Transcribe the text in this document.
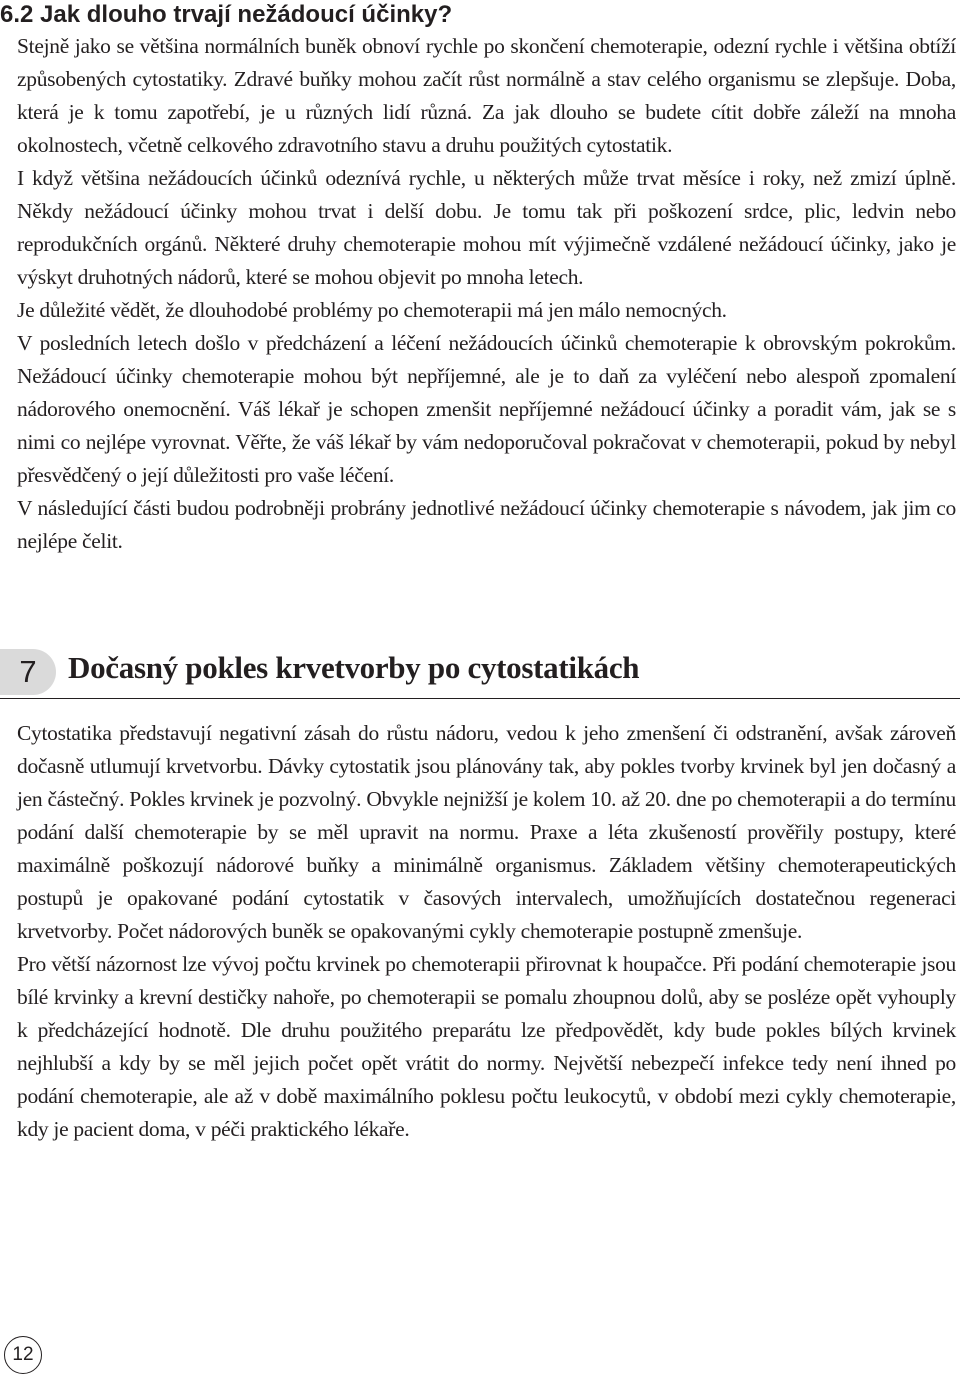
6.2 Jak dlouho trvají nežádoucí účinky?

Stejně jako se většina normálních buněk obnoví rychle po skončení chemoterapie, odezní rychle i většina obtíží způsobených cytostatiky. Zdravé buňky mohou začít růst normálně a stav celého organismu se zlepšuje. Doba, která je k tomu zapotřebí, je u různých lidí různá. Za jak dlouho se budete cítit dobře záleží na mnoha okolnostech, včetně celkového zdravotního stavu a druhu použitých cytostatik.

I když většina nežádoucích účinků odeznívá rychle, u některých může trvat měsíce i roky, než zmizí úplně. Někdy nežádoucí účinky mohou trvat i delší dobu. Je tomu tak při poškození srdce, plic, ledvin nebo reprodukčních orgánů. Některé druhy chemoterapie mohou mít výjimečně vzdálené nežádoucí účinky, jako je výskyt druhotných nádorů, které se mohou objevit po mnoha letech.

Je důležité vědět, že dlouhodobé problémy po chemoterapii má jen málo nemocných.

V posledních letech došlo v předcházení a léčení nežádoucích účinků chemoterapie k obrovským pokrokům. Nežádoucí účinky chemoterapie mohou být nepříjemné, ale je to daň za vyléčení nebo alespoň zpomalení nádorového onemocnění. Váš lékař je schopen zmenšit nepříjemné nežádoucí účinky a poradit vám, jak se s nimi co nejlépe vyrovnat. Věřte, že váš lékař by vám nedoporučoval pokračovat v chemoterapii, pokud by nebyl přesvědčený o její důležitosti pro vaše léčení.

V následující části budou podrobněji probrány jednotlivé nežádoucí účinky chemoterapie s návodem, jak jim co nejlépe čelit.

7	Dočasný pokles krvetvorby po cytostatikách

Cytostatika představují negativní zásah do růstu nádoru, vedou k jeho zmenšení či odstranění, avšak zároveň dočasně utlumují krvetvorbu. Dávky cytostatik jsou plánovány tak, aby pokles tvorby krvinek byl jen dočasný a jen částečný. Pokles krvinek je pozvolný. Obvykle nejnižší je kolem 10. až 20. dne po chemoterapii a do termínu podání další chemoterapie by se měl upravit na normu. Praxe a léta zkušeností prověřily postupy, které maximálně poškozují nádorové buňky a minimálně organismus. Základem většiny chemoterapeutických postupů je opakované podání cytostatik v časových intervalech, umožňujících dostatečnou regeneraci krvetvorby. Počet nádorových buněk se opakovanými cykly chemoterapie postupně zmenšuje.

Pro větší názornost lze vývoj počtu krvinek po chemoterapii přirovnat k houpačce. Při podání chemoterapie jsou bílé krvinky a krevní destičky nahoře, po chemoterapii se pomalu zhoupnou dolů, aby se posléze opět vyhouply k předcházející hodnotě. Dle druhu použitého preparátu lze předpovědět, kdy bude pokles bílých krvinek nejhlubší a kdy by se měl jejich počet opět vrátit do normy. Největší nebezpečí infekce tedy není ihned po podání chemoterapie, ale až v době maximálního poklesu počtu leukocytů, v období mezi cykly chemoterapie, kdy je pacient doma, v péči praktického lékaře.

12
